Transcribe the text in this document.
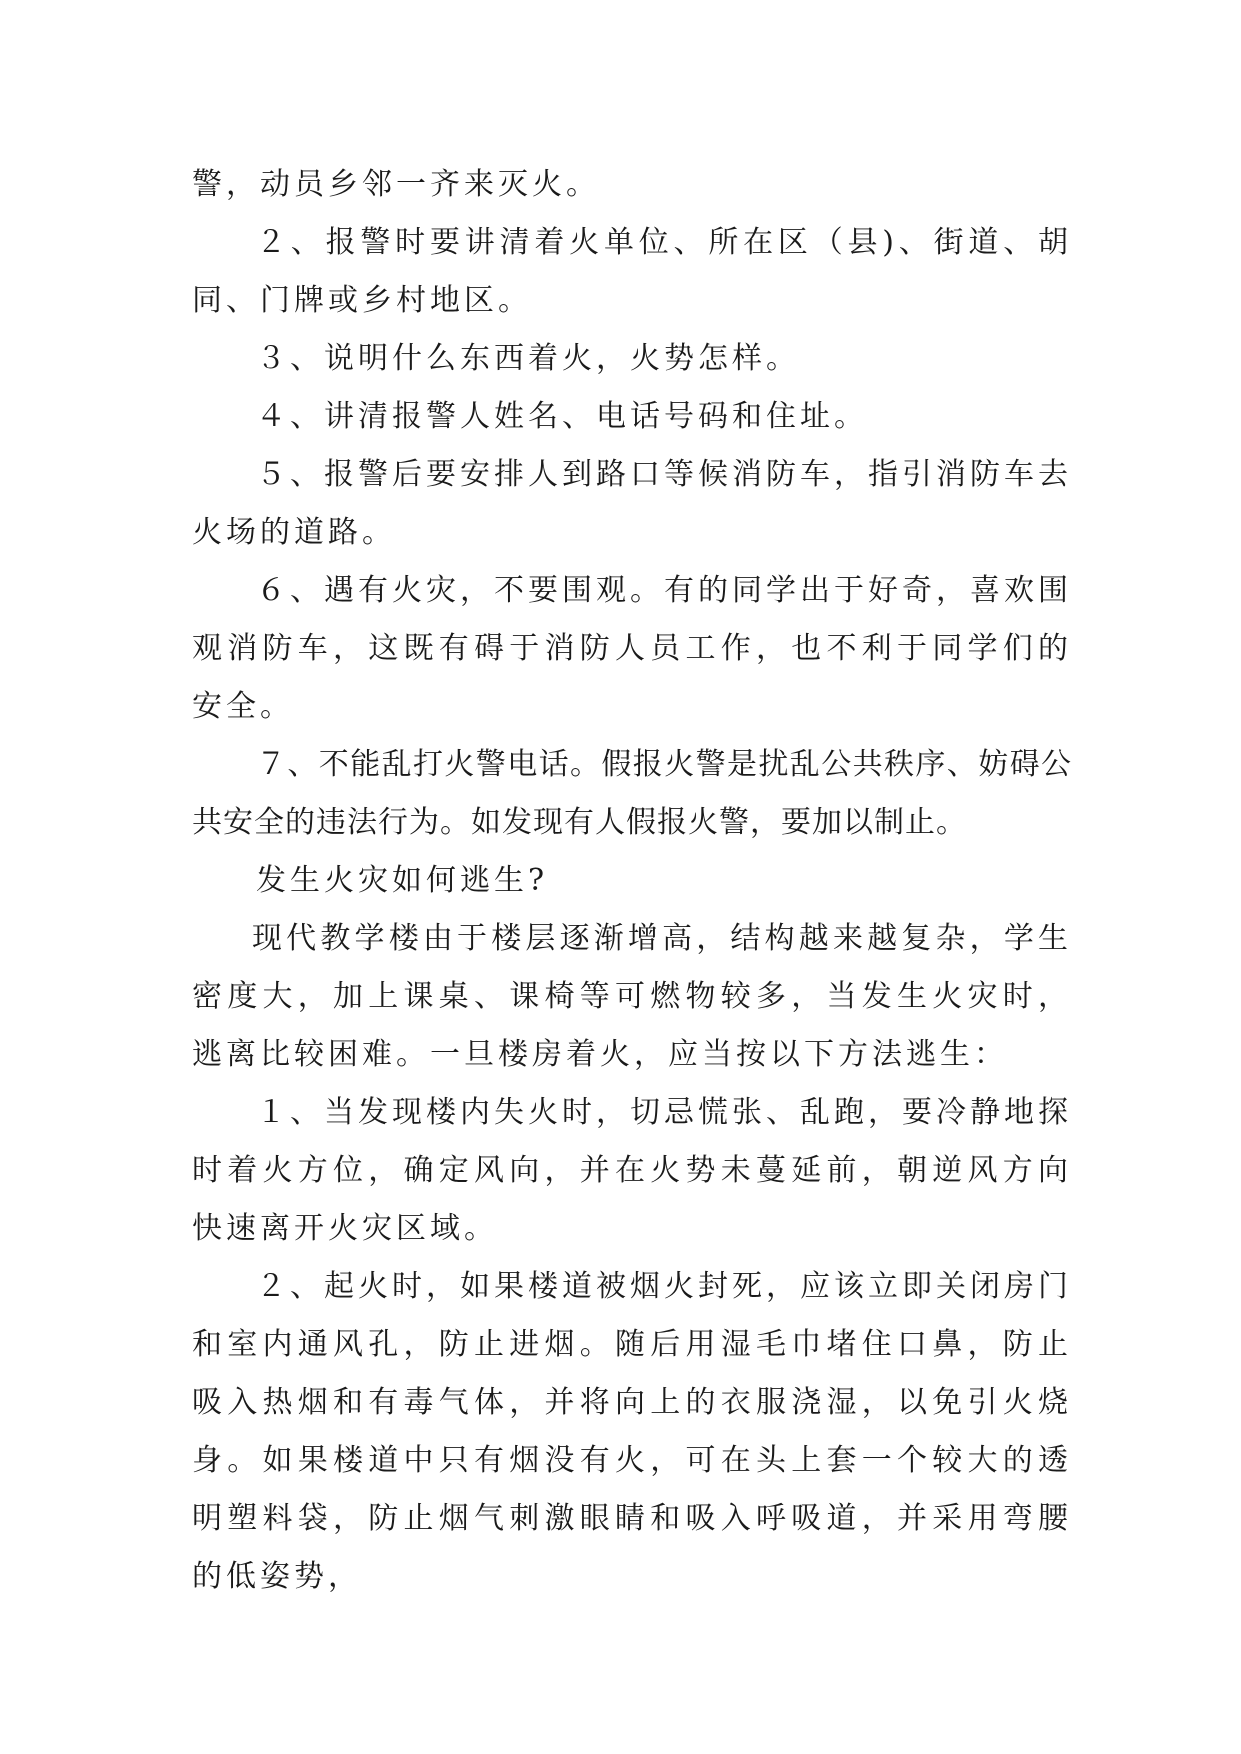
警，动员乡邻一齐来灭火。

２、报警时要讲清着火单位、所在区（县)、街道、胡同、门牌或乡村地区。

３、说明什么东西着火，火势怎样。

４、讲清报警人姓名、电话号码和住址。

５、报警后要安排人到路口等候消防车，指引消防车去火场的道路。

６、遇有火灾，不要围观。有的同学出于好奇，喜欢围观消防车，这既有碍于消防人员工作，也不利于同学们的安全。

７、不能乱打火警电话。假报火警是扰乱公共秩序、妨碍公共安全的违法行为。如发现有人假报火警，要加以制止。

发生火灾如何逃生?

现代教学楼由于楼层逐渐增高，结构越来越复杂，学生密度大，加上课桌、课椅等可燃物较多，当发生火灾时，逃离比较困难。一旦楼房着火，应当按以下方法逃生：

１、当发现楼内失火时，切忌慌张、乱跑，要冷静地探时着火方位，确定风向，并在火势未蔓延前，朝逆风方向快速离开火灾区域。

２、起火时，如果楼道被烟火封死，应该立即关闭房门和室内通风孔，防止进烟。随后用湿毛巾堵住口鼻，防止吸入热烟和有毒气体，并将向上的衣服浇湿，以免引火烧身。如果楼道中只有烟没有火，可在头上套一个较大的透明塑料袋，防止烟气刺激眼睛和吸入呼吸道，并采用弯腰的低姿势，
